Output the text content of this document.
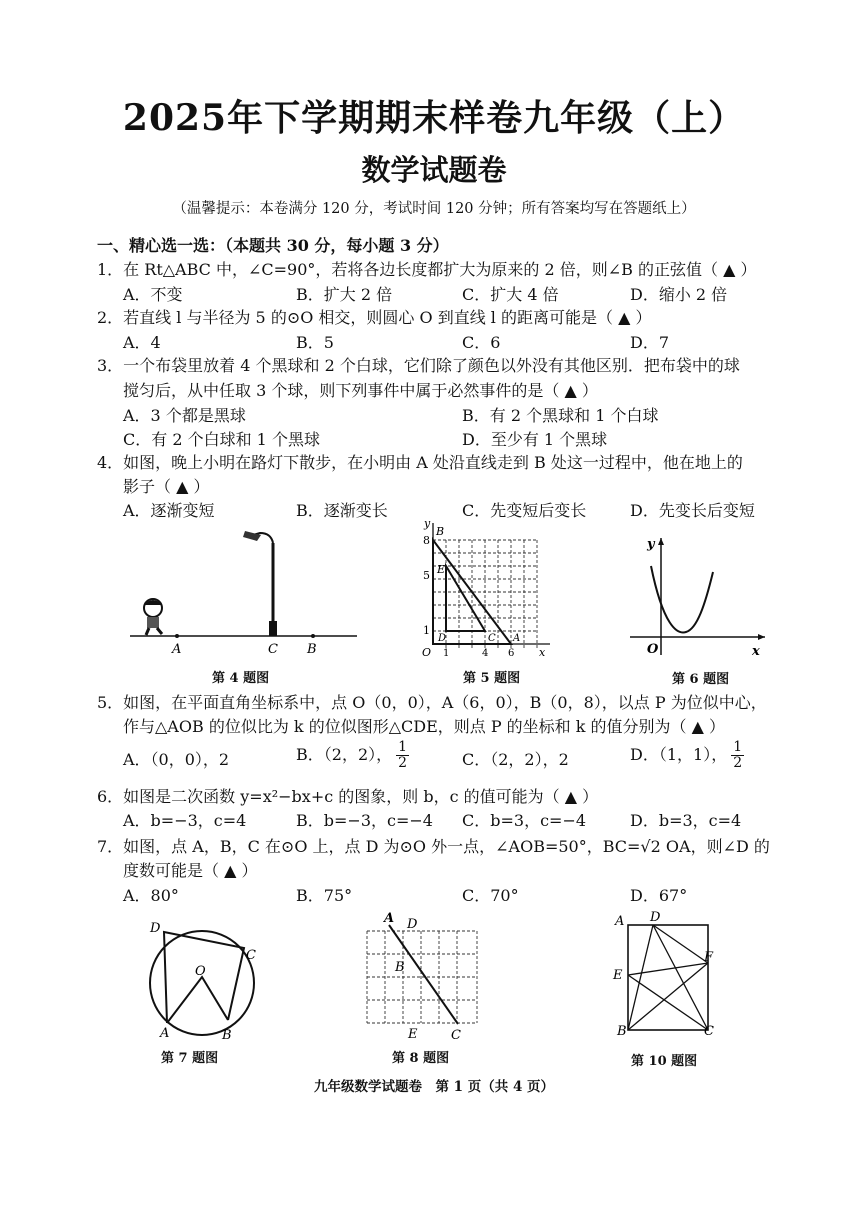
2025年下学期期末样卷九年级（上）
数学试题卷
（温馨提示：本卷满分 120 分，考试时间 120 分钟；所有答案均写在答题纸上）
一、精心选一选：（本题共 30 分，每小题 3 分）
1．在 Rt△ABC 中，∠C=90°，若将各边长度都扩大为原来的 2 倍，则∠B 的正弦值（ ▲ ）
A．不变	B．扩大 2 倍	C．扩大 4 倍	D．缩小 2 倍
2．若直线 l 与半径为 5 的⊙O 相交，则圆心 O 到直线 l 的距离可能是（ ▲ ）
A．4	B．5	C．6	D．7
3．一个布袋里放着 4 个黑球和 2 个白球，它们除了颜色以外没有其他区别．把布袋中的球
搅匀后，从中任取 3 个球，则下列事件中属于必然事件的是（ ▲ ）
A．3 个都是黑球	B．有 2 个黑球和 1 个白球
C．有 2 个白球和 1 个黑球	D．至少有 1 个黑球
4．如图，晚上小明在路灯下散步，在小明由 A 处沿直线走到 B 处这一过程中，他在地上的
影子（ ▲ ）
A．逐渐变短	B．逐渐变长	C．先变短后变长	D．先变长后变短
A	C B
第 4 题图
y
B
8
E
5
1
D	C A
O 1	4 6 x
第 5 题图
y
O	x
第 6 题图
5．如图，在平面直角坐标系中，点 O（0，0），A（6，0），B（0，8），以点 P 为位似中心，
作与△AOB 的位似比为 k 的位似图形△CDE，则点 P 的坐标和 k 的值分别为（ ▲ ）
A．（0，0），2	B．（2，2）， $\frac{1}{2}$	C．（2，2），2	D．（1，1）， $\frac{1}{2}$
6．如图是二次函数 y=x²−bx+c 的图象，则 b，c 的值可能为（ ▲ ）
A．b=−3，c=4	B．b=−3，c=−4 C．b=3，c=−4	D．b=3，c=4
7．如图，点 A，B，C 在⊙O 上，点 D 为⊙O 外一点，∠AOB=50°，BC=√2 OA，则∠D 的
度数可能是（ ▲ ）
A．80°	B．75°	C．70°	D．67°
D
O
C
A	B
第 7 题图
A D
B
E	C
第 8 题图
A D
F
E
B	C
第 10 题图
九年级数学试题卷　第 1 页（共 4 页）
